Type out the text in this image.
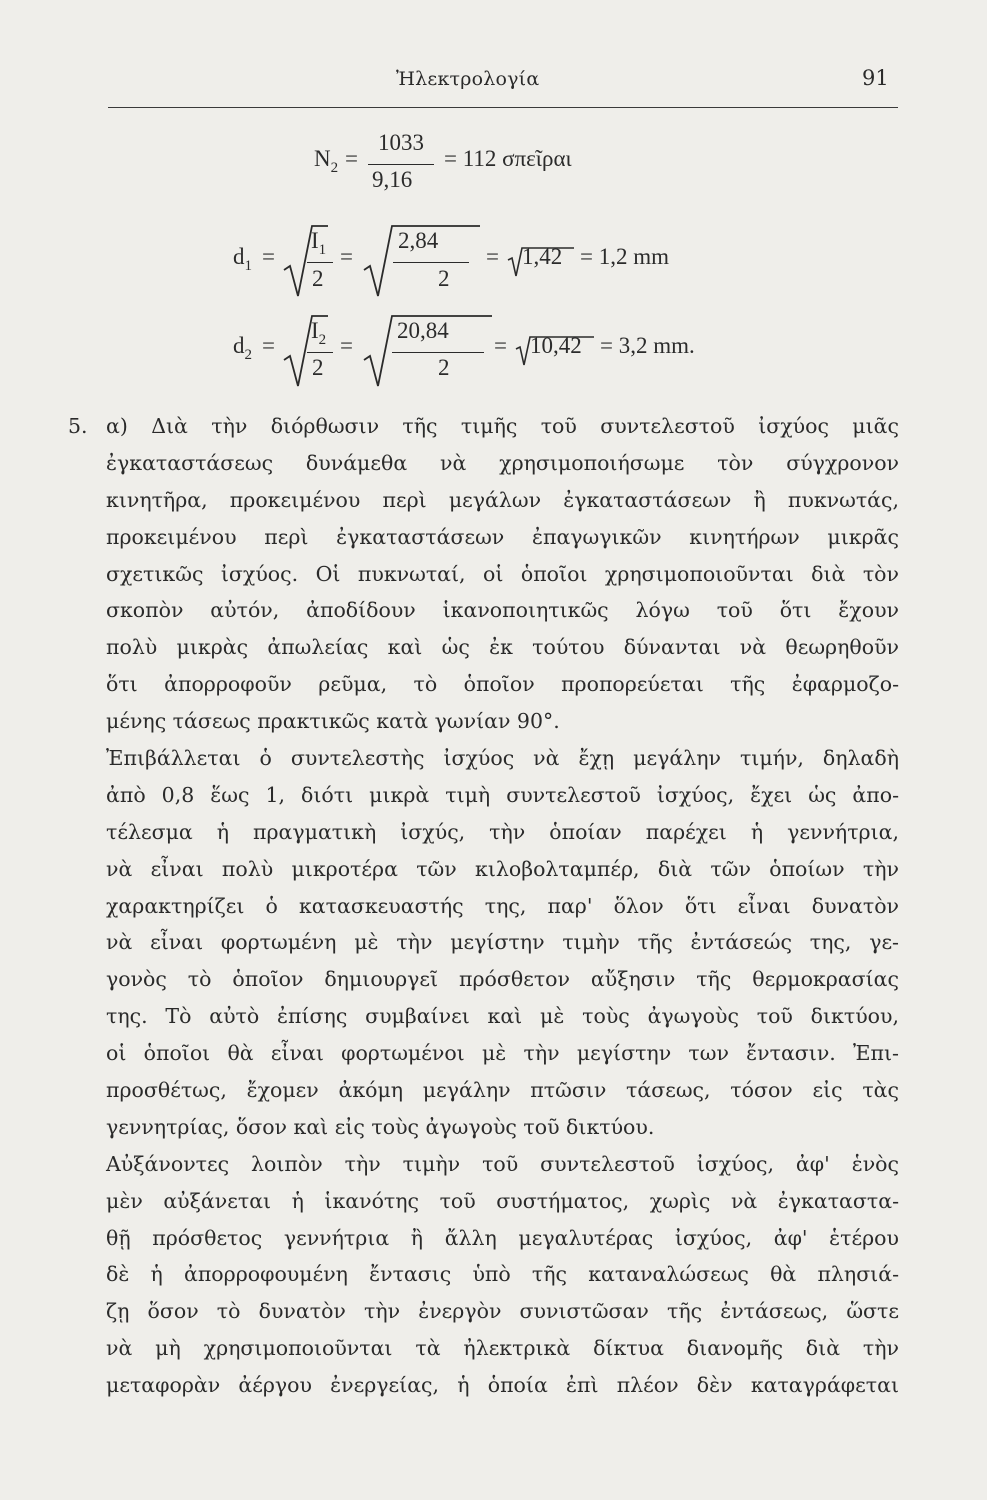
Ἠλεκτρολογία	91
$N_2$ =
1033
9,16
= 112 σπεῖραι
$d_1$ =
$I_1$
2
=
2,84
2
= 1,42 = 1,2 mm
$d_2$ =
$I_2$
2
=
20,84
2
= 10,42 = 3,2 mm.
5. α) Διὰ τὴν διόρθωσιν τῆς τιμῆς τοῦ συντελεστοῦ ἰσχύος μιᾶς
ἐγκαταστάσεως δυνάμεθα νὰ χρησιμοποιήσωμε τὸν σύγχρονον
κινητῆρα, προκειμένου περὶ μεγάλων ἐγκαταστάσεων ἢ πυκνωτάς,
προκειμένου περὶ ἐγκαταστάσεων ἐπαγωγικῶν κινητήρων μικρᾶς
σχετικῶς ἰσχύος. Οἱ πυκνωταί, οἱ ὁποῖοι χρησιμοποιοῦνται διὰ τὸν
σκοπὸν αὐτόν, ἀποδίδουν ἱκανοποιητικῶς λόγω τοῦ ὅτι ἔχουν
πολὺ μικρὰς ἀπωλείας καὶ ὡς ἐκ τούτου δύνανται νὰ θεωρηθοῦν
ὅτι ἀπορροφοῦν ρεῦμα, τὸ ὁποῖον προπορεύεται τῆς ἐφαρμοζο-
μένης τάσεως πρακτικῶς κατὰ γωνίαν 90°.
Ἐπιβάλλεται ὁ συντελεστὴς ἰσχύος νὰ ἔχῃ μεγάλην τιμήν, δηλαδὴ
ἀπὸ 0,8 ἕως 1, διότι μικρὰ τιμὴ συντελεστοῦ ἰσχύος, ἔχει ὡς ἀπο-
τέλεσμα ἡ πραγματικὴ ἰσχύς, τὴν ὁποίαν παρέχει ἡ γεννήτρια,
νὰ εἶναι πολὺ μικροτέρα τῶν κιλοβολταμπέρ, διὰ τῶν ὁποίων τὴν
χαρακτηρίζει ὁ κατασκευαστής της, παρ' ὅλον ὅτι εἶναι δυνατὸν
νὰ εἶναι φορτωμένη μὲ τὴν μεγίστην τιμὴν τῆς ἐντάσεώς της, γε-
γονὸς τὸ ὁποῖον δημιουργεῖ πρόσθετον αὔξησιν τῆς θερμοκρασίας
της. Τὸ αὐτὸ ἐπίσης συμβαίνει καὶ μὲ τοὺς ἀγωγοὺς τοῦ δικτύου,
οἱ ὁποῖοι θὰ εἶναι φορτωμένοι μὲ τὴν μεγίστην των ἔντασιν. Ἐπι-
προσθέτως, ἔχομεν ἀκόμη μεγάλην πτῶσιν τάσεως, τόσον εἰς τὰς
γεννητρίας, ὅσον καὶ εἰς τοὺς ἀγωγοὺς τοῦ δικτύου.
Αὐξάνοντες λοιπὸν τὴν τιμὴν τοῦ συντελεστοῦ ἰσχύος, ἀφ' ἑνὸς
μὲν αὐξάνεται ἡ ἱκανότης τοῦ συστήματος, χωρὶς νὰ ἐγκαταστα-
θῇ πρόσθετος γεννήτρια ἢ ἄλλη μεγαλυτέρας ἰσχύος, ἀφ' ἑτέρου
δὲ ἡ ἀπορροφουμένη ἔντασις ὑπὸ τῆς καταναλώσεως θὰ πλησιά-
ζῃ ὅσον τὸ δυνατὸν τὴν ἐνεργὸν συνιστῶσαν τῆς ἐντάσεως, ὥστε
νὰ μὴ χρησιμοποιοῦνται τὰ ἠλεκτρικὰ δίκτυα διανομῆς διὰ τὴν
μεταφορὰν ἀέργου ἐνεργείας, ἡ ὁποία ἐπὶ πλέον δὲν καταγράφεται
